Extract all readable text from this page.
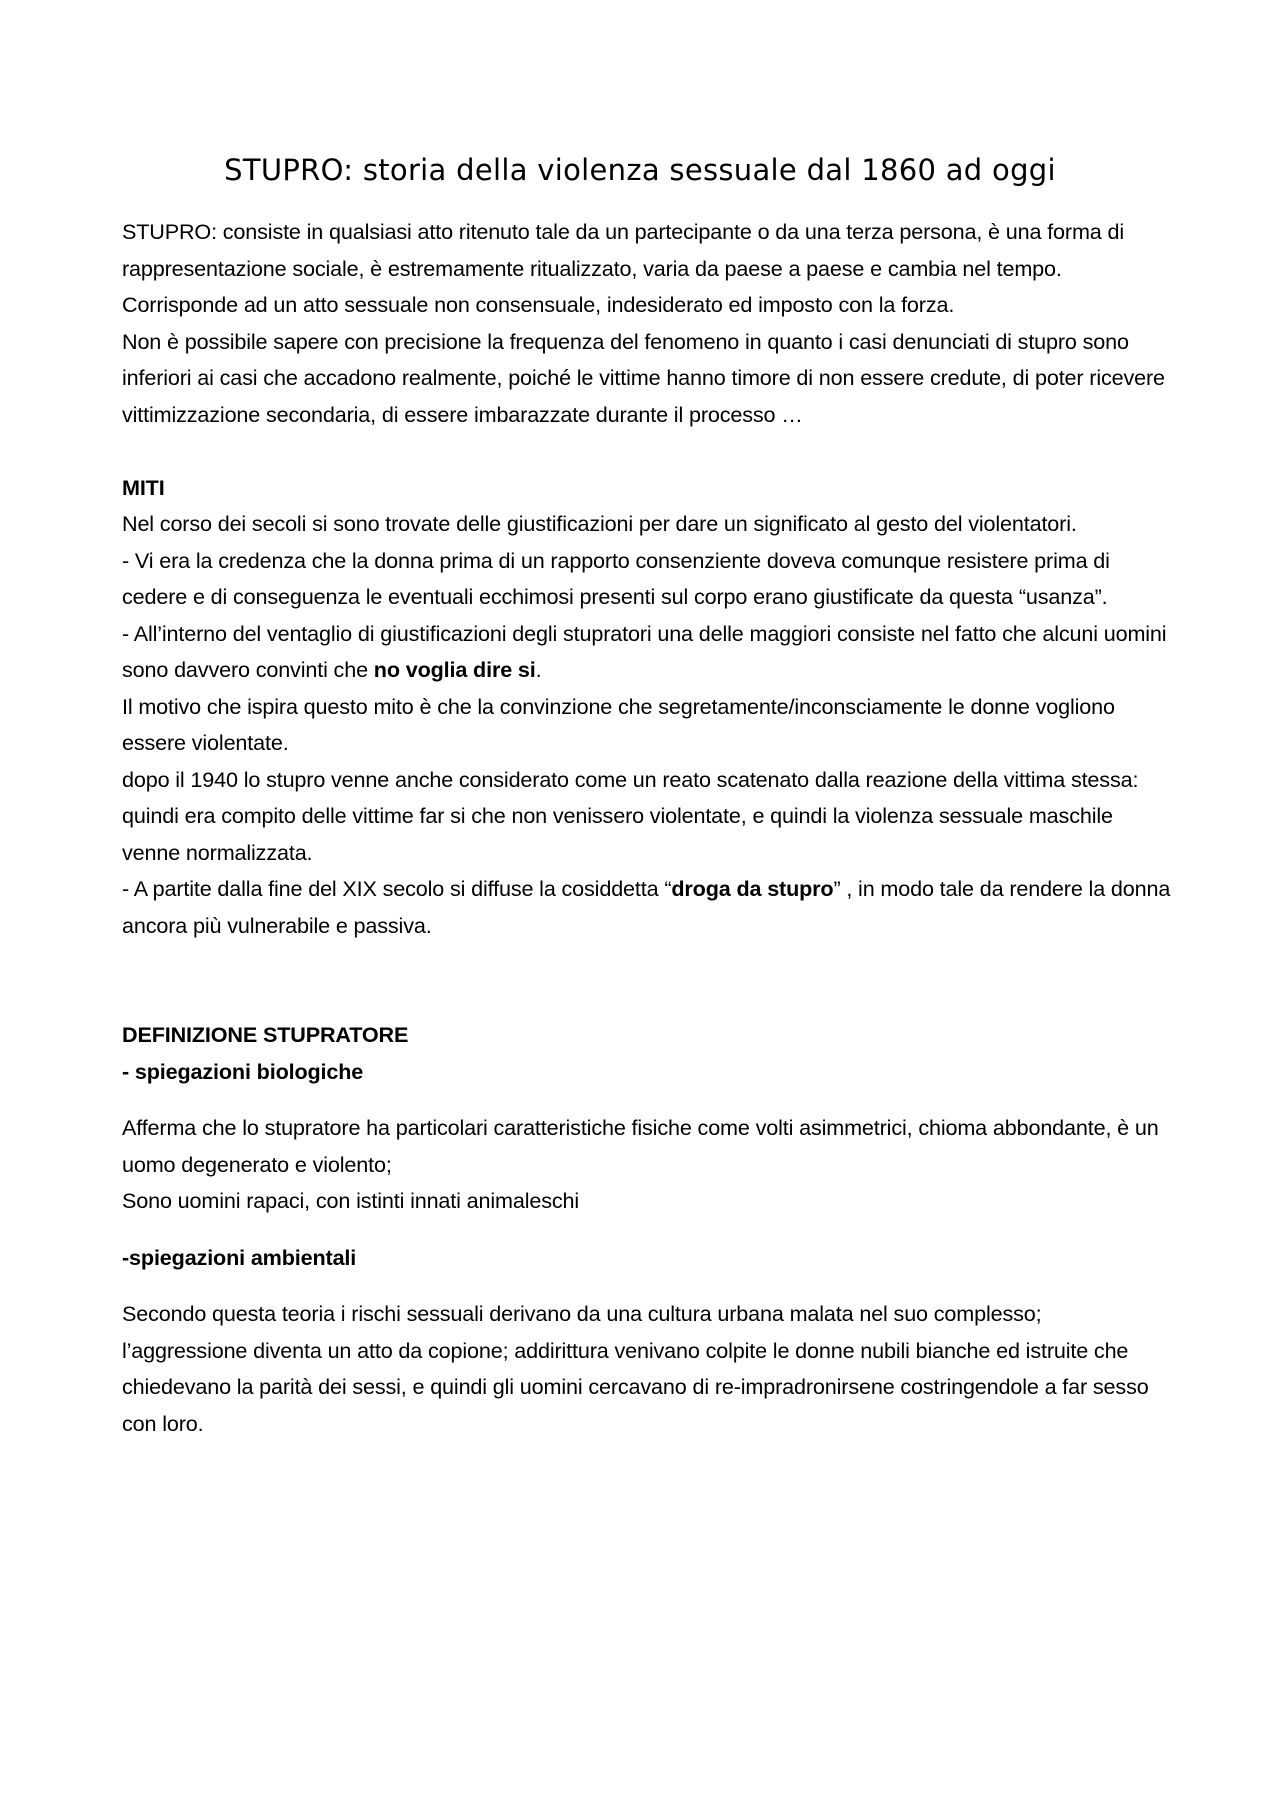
STUPRO: storia della violenza sessuale dal 1860 ad oggi

STUPRO: consiste in qualsiasi atto ritenuto tale da un partecipante o da una terza persona, è una forma di rappresentazione sociale, è estremamente ritualizzato, varia da paese a paese e cambia nel tempo.

Corrisponde ad un atto sessuale non consensuale, indesiderato ed imposto con la forza.

Non è possibile sapere con precisione la frequenza del fenomeno in quanto i casi denunciati di stupro sono inferiori ai casi che accadono realmente, poiché le vittime hanno timore di non essere credute, di poter ricevere vittimizzazione secondaria, di essere imbarazzate durante il processo …

MITI

Nel corso dei secoli si sono trovate delle giustificazioni per dare un significato al gesto del violentatori.

- Vi era la credenza che la donna prima di un rapporto consenziente doveva comunque resistere prima di cedere e di conseguenza le eventuali ecchimosi presenti sul corpo erano giustificate da questa “usanza”.

- All’interno del ventaglio di giustificazioni degli stupratori una delle maggiori consiste nel fatto che alcuni uomini sono davvero convinti che no voglia dire si.

Il motivo che ispira questo mito è che la convinzione che segretamente/inconsciamente le donne vogliono essere violentate.

dopo il 1940 lo stupro venne anche considerato come un reato scatenato dalla reazione della vittima stessa: quindi era compito delle vittime far si che non venissero violentate, e quindi la violenza sessuale maschile venne normalizzata.

- A partite dalla fine del XIX secolo si diffuse la cosiddetta “droga da stupro” , in modo tale da rendere la donna ancora più vulnerabile e passiva.

DEFINIZIONE STUPRATORE

- spiegazioni biologiche

Afferma che lo stupratore ha particolari caratteristiche fisiche come volti asimmetrici, chioma abbondante, è un uomo degenerato e violento;

Sono uomini rapaci, con istinti innati animaleschi

-spiegazioni ambientali

Secondo questa teoria i rischi sessuali derivano da una cultura urbana malata nel suo complesso; l’aggressione diventa un atto da copione; addirittura venivano colpite le donne nubili bianche ed istruite che chiedevano la parità dei sessi, e quindi gli uomini cercavano di re-impradronirsene costringendole a far sesso con loro.
